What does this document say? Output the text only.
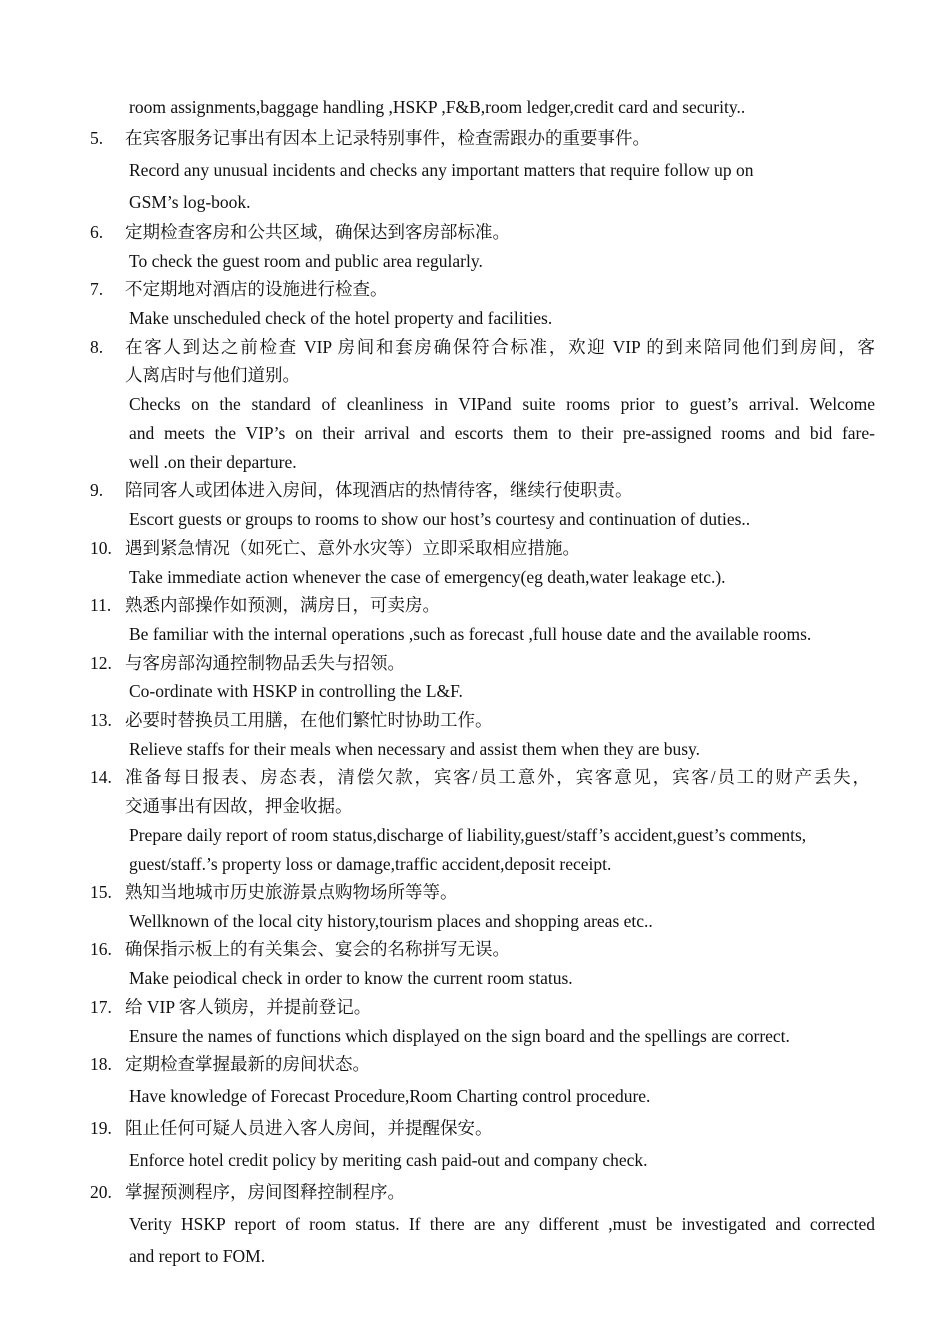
room assignments,baggage handling ,HSKP ,F&B,room ledger,credit card and security..
5. 在宾客服务记事出有因本上记录特别事件，检查需跟办的重要事件。
Record any unusual incidents and checks any important matters that require follow up on
GSM’s log-book.
6. 定期检查客房和公共区域，确保达到客房部标准。
To check the guest room and public area regularly.
7. 不定期地对酒店的设施进行检查。
Make unscheduled check of the hotel property and facilities.
8. 在客人到达之前检查 VIP 房间和套房确保符合标准，欢迎 VIP 的到来陪同他们到房间，客
人离店时与他们道别。
Checks on the standard of cleanliness in VIPand suite rooms prior to guest’s arrival. Welcome
and meets the VIP’s on their arrival and escorts them to their pre-assigned rooms and bid fare-
well .on their departure.
9. 陪同客人或团体进入房间，体现酒店的热情待客，继续行使职责。
Escort guests or groups to rooms to show our host’s courtesy and continuation of duties..
10. 遇到紧急情况（如死亡、意外水灾等）立即采取相应措施。
Take immediate action whenever the case of emergency(eg death,water leakage etc.).
11. 熟悉内部操作如预测，满房日，可卖房。
Be familiar with the internal operations ,such as forecast ,full house date and the available rooms.
12. 与客房部沟通控制物品丢失与招领。
Co-ordinate with HSKP in controlling the L&F.
13. 必要时替换员工用膳，在他们繁忙时协助工作。
Relieve staffs for their meals when necessary and assist them when they are busy.
14. 准备每日报表、房态表，清偿欠款，宾客/员工意外，宾客意见，宾客/员工的财产丢失，
交通事出有因故，押金收据。
Prepare daily report of room status,discharge of liability,guest/staff’s accident,guest’s comments,
guest/staff.’s property loss or damage,traffic accident,deposit receipt.
15. 熟知当地城市历史旅游景点购物场所等等。
Wellknown of the local city history,tourism places and shopping areas etc..
16. 确保指示板上的有关集会、宴会的名称拼写无误。
Make peiodical check in order to know the current room status.
17. 给 VIP 客人锁房，并提前登记。
Ensure the names of functions which displayed on the sign board and the spellings are correct.
18. 定期检查掌握最新的房间状态。
Have knowledge of Forecast Procedure,Room Charting control procedure.
19. 阻止任何可疑人员进入客人房间，并提醒保安。
Enforce hotel credit policy by meriting cash paid-out and company check.
20. 掌握预测程序，房间图释控制程序。
Verity HSKP report of room status. If there are any different ,must be investigated and corrected
and report to FOM.
